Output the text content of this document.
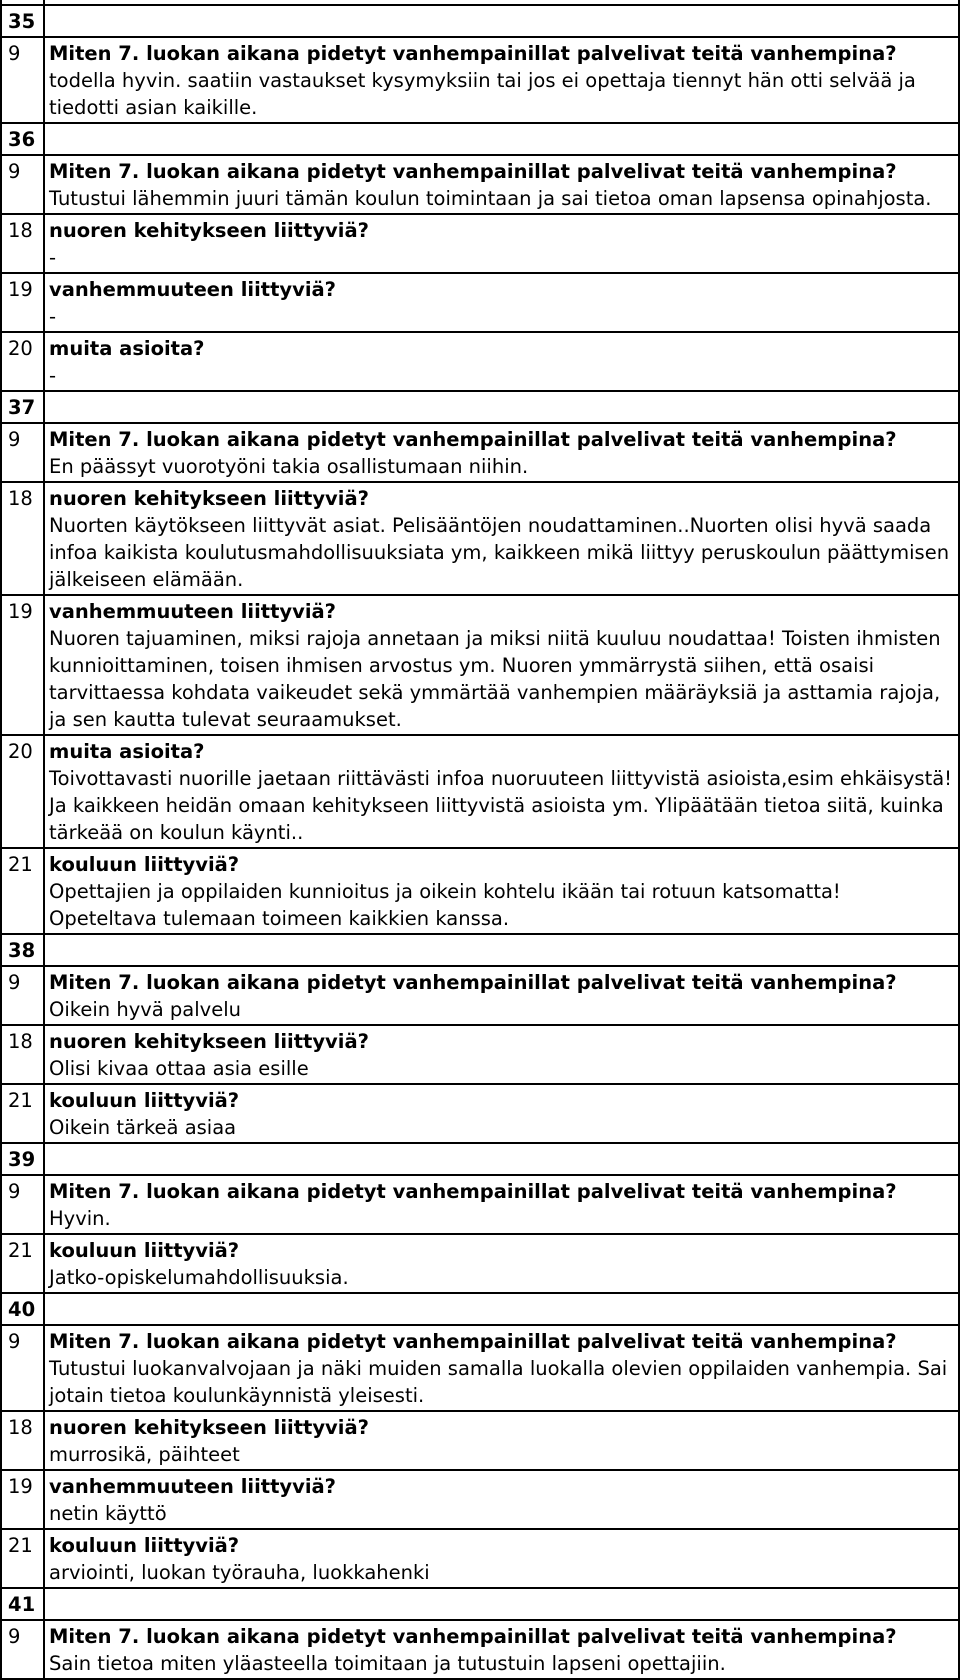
35	
9	Miten 7. luokan aikana pidetyt vanhempainillat palvelivat teitä vanhempina?
todella hyvin. saatiin vastaukset kysymyksiin tai jos ei opettaja tiennyt hän otti selvää ja tiedotti asian kaikille.

36	
9	Miten 7. luokan aikana pidetyt vanhempainillat palvelivat teitä vanhempina?
Tutustui lähemmin juuri tämän koulun toimintaan ja sai tietoa oman lapsensa opinahjosta.

18	nuoren kehitykseen liittyviä?
-

19	vanhemmuuteen liittyviä?
-

20	muita asioita?
-

37	
9	Miten 7. luokan aikana pidetyt vanhempainillat palvelivat teitä vanhempina?
En päässyt vuorotyöni takia osallistumaan niihin.

18	nuoren kehitykseen liittyviä?
Nuorten käytökseen liittyvät asiat. Pelisääntöjen noudattaminen..Nuorten olisi hyvä saada infoa kaikista koulutusmahdollisuuksiata ym, kaikkeen mikä liittyy peruskoulun päättymisen jälkeiseen elämään.

19	vanhemmuuteen liittyviä?
Nuoren tajuaminen, miksi rajoja annetaan ja miksi niitä kuuluu noudattaa! Toisten ihmisten kunnioittaminen, toisen ihmisen arvostus ym. Nuoren ymmärrystä siihen, että osaisi tarvittaessa kohdata vaikeudet sekä ymmärtää vanhempien määräyksiä ja asttamia rajoja, ja sen kautta tulevat seuraamukset.

20	muita asioita?
Toivottavasti nuorille jaetaan riittävästi infoa nuoruuteen liittyvistä asioista,esim ehkäisystä! Ja kaikkeen heidän omaan kehitykseen liittyvistä asioista ym. Ylipäätään tietoa siitä, kuinka tärkeää on koulun käynti..

21	kouluun liittyviä?
Opettajien ja oppilaiden kunnioitus ja oikein kohtelu ikään tai rotuun katsomatta! Opeteltava tulemaan toimeen kaikkien kanssa.

38	
9	Miten 7. luokan aikana pidetyt vanhempainillat palvelivat teitä vanhempina?
Oikein hyvä palvelu

18	nuoren kehitykseen liittyviä?
Olisi kivaa ottaa asia esille

21	kouluun liittyviä?
Oikein tärkeä asiaa

39	
9	Miten 7. luokan aikana pidetyt vanhempainillat palvelivat teitä vanhempina?
Hyvin.

21	kouluun liittyviä?
Jatko-opiskelumahdollisuuksia.

40	
9	Miten 7. luokan aikana pidetyt vanhempainillat palvelivat teitä vanhempina?
Tutustui luokanvalvojaan ja näki muiden samalla luokalla olevien oppilaiden vanhempia. Sai jotain tietoa koulunkäynnistä yleisesti.

18	nuoren kehitykseen liittyviä?
murrosikä, päihteet

19	vanhemmuuteen liittyviä?
netin käyttö

21	kouluun liittyviä?
arviointi, luokan työrauha, luokkahenki

41	
9	Miten 7. luokan aikana pidetyt vanhempainillat palvelivat teitä vanhempina?
Sain tietoa miten yläasteella toimitaan ja tutustuin lapseni opettajiin.
